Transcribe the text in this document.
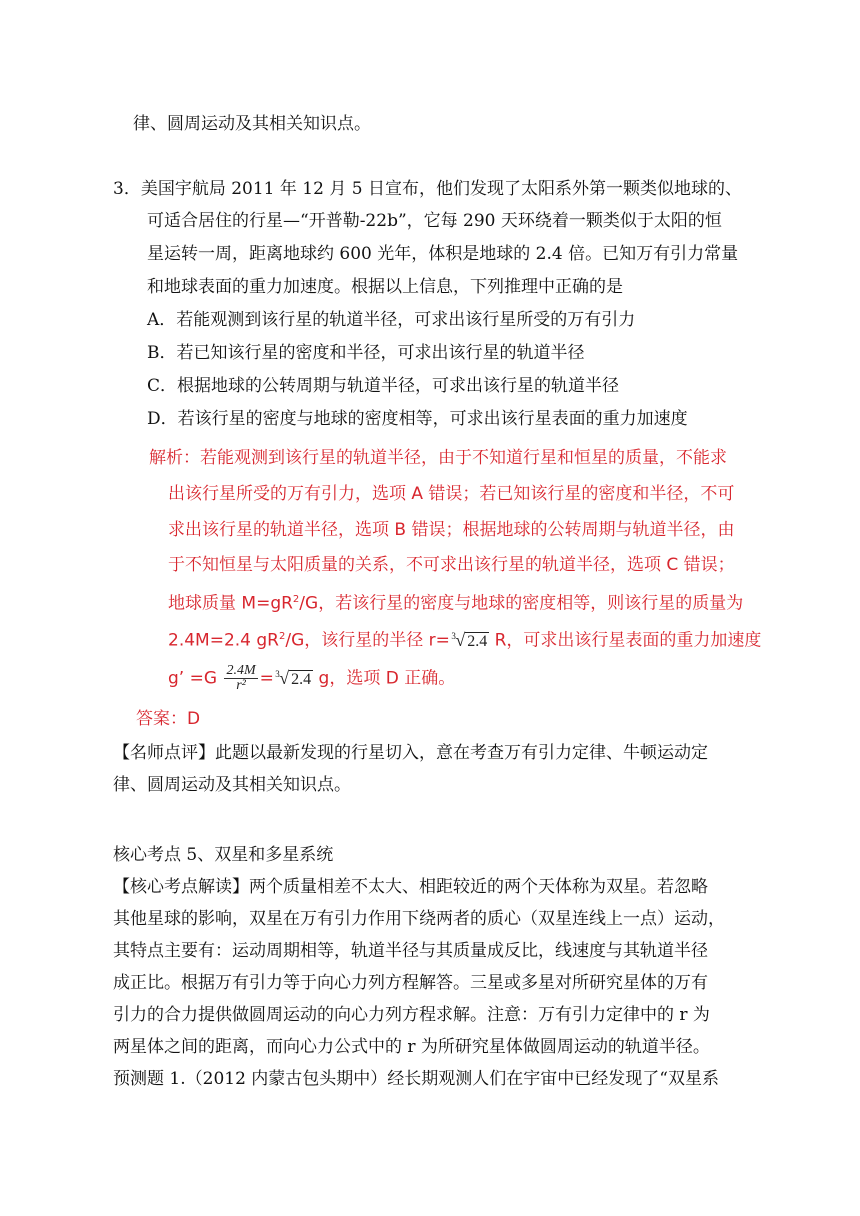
律、圆周运动及其相关知识点。
3．美国宇航局 2011 年 12 月 5 日宣布，他们发现了太阳系外第一颗类似地球的、
可适合居住的行星—“开普勒-22b”，它每 290 天环绕着一颗类似于太阳的恒
星运转一周，距离地球约 600 光年，体积是地球的 2.4 倍。已知万有引力常量
和地球表面的重力加速度。根据以上信息，下列推理中正确的是
A．若能观测到该行星的轨道半径，可求出该行星所受的万有引力
B．若已知该行星的密度和半径，可求出该行星的轨道半径
C．根据地球的公转周期与轨道半径，可求出该行星的轨道半径
D．若该行星的密度与地球的密度相等，可求出该行星表面的重力加速度
解析：若能观测到该行星的轨道半径，由于不知道行星和恒星的质量，不能求
出该行星所受的万有引力，选项 A 错误；若已知该行星的密度和半径，不可
求出该行星的轨道半径，选项 B 错误；根据地球的公转周期与轨道半径，由
于不知恒星与太阳质量的关系，不可求出该行星的轨道半径，选项 C 错误；
地球质量 $M=gR^2/G$，若该行星的密度与地球的密度相等，则该行星的质量为
2.4M=2.4 $gR^2/G$，该行星的半径 r= 3 √ 2.4 R，可求出该行星表面的重力加速度
g’ $=G \frac{2.4M}{\text{r²}} = 3$ √ 2.4 g，选项 D 正确。
答案：D
【名师点评】此题以最新发现的行星切入，意在考查万有引力定律、牛顿运动定
律、圆周运动及其相关知识点。
核心考点 5、双星和多星系统
【核心考点解读】两个质量相差不太大、相距较近的两个天体称为双星。若忽略
其他星球的影响，双星在万有引力作用下绕两者的质心（双星连线上一点）运动，
其特点主要有：运动周期相等，轨道半径与其质量成反比，线速度与其轨道半径
成正比。根据万有引力等于向心力列方程解答。三星或多星对所研究星体的万有
引力的合力提供做圆周运动的向心力列方程求解。注意：万有引力定律中的 r 为
两星体之间的距离，而向心力公式中的 r 为所研究星体做圆周运动的轨道半径。
预测题 1.（2012 内蒙古包头期中）经长期观测人们在宇宙中已经发现了“双星系
